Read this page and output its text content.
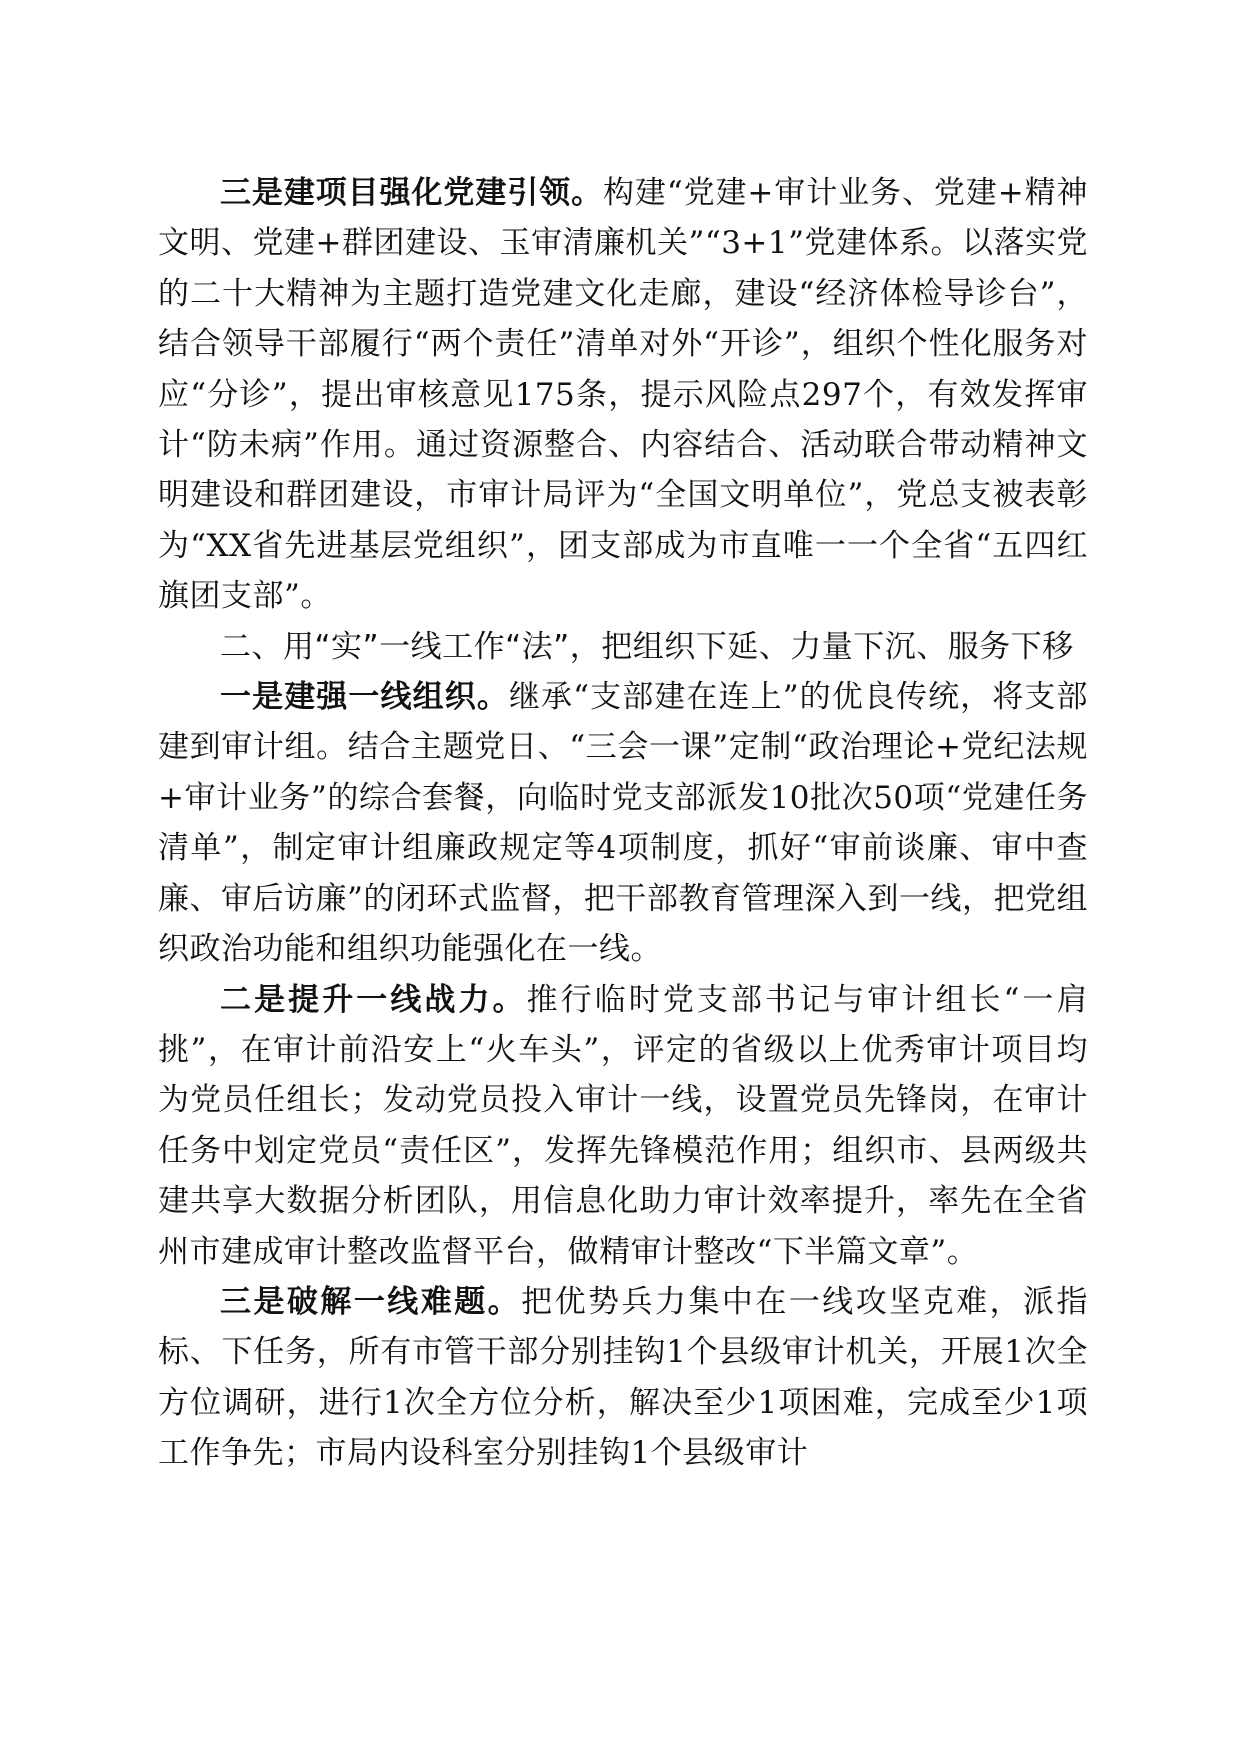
三是建项目强化党建引领。构建“党建+审计业务、党建+精神文明、党建+群团建设、玉审清廉机关”“3+1”党建体系。以落实党的二十大精神为主题打造党建文化走廊，建设“经济体检导诊台”，结合领导干部履行“两个责任”清单对外“开诊”，组织个性化服务对应“分诊”，提出审核意见175条，提示风险点297个，有效发挥审计“防未病”作用。通过资源整合、内容结合、活动联合带动精神文明建设和群团建设，市审计局评为“全国文明单位”，党总支被表彰为“XX省先进基层党组织”，团支部成为市直唯一一个全省“五四红旗团支部”。

二、用“实”一线工作“法”，把组织下延、力量下沉、服务下移

一是建强一线组织。继承“支部建在连上”的优良传统，将支部建到审计组。结合主题党日、“三会一课”定制“政治理论+党纪法规+审计业务”的综合套餐，向临时党支部派发10批次50项“党建任务清单”，制定审计组廉政规定等4项制度，抓好“审前谈廉、审中查廉、审后访廉”的闭环式监督，把干部教育管理深入到一线，把党组织政治功能和组织功能强化在一线。

二是提升一线战力。推行临时党支部书记与审计组长“一肩挑”，在审计前沿安上“火车头”，评定的省级以上优秀审计项目均为党员任组长；发动党员投入审计一线，设置党员先锋岗，在审计任务中划定党员“责任区”，发挥先锋模范作用；组织市、县两级共建共享大数据分析团队，用信息化助力审计效率提升，率先在全省州市建成审计整改监督平台，做精审计整改“下半篇文章”。

三是破解一线难题。把优势兵力集中在一线攻坚克难，派指标、下任务，所有市管干部分别挂钩1个县级审计机关，开展1次全方位调研，进行1次全方位分析，解决至少1项困难，完成至少1项工作争先；市局内设科室分别挂钩1个县级审计
